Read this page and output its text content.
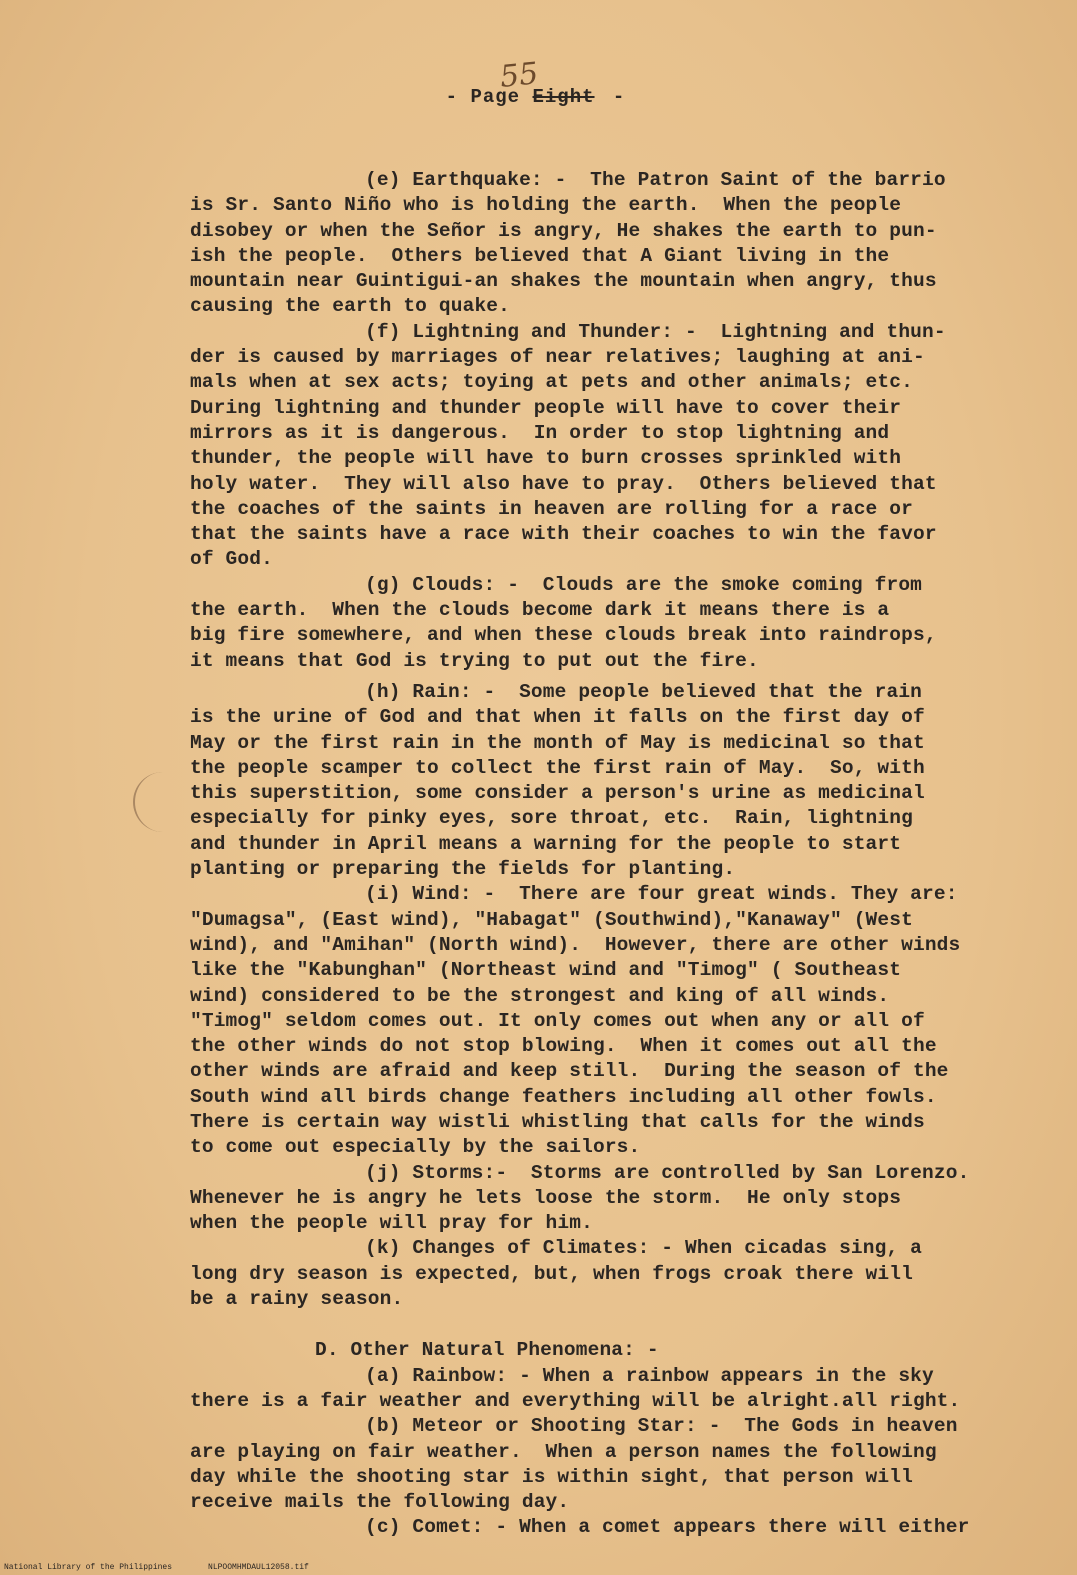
55
- Page Eight -
(e) Earthquake: -  The Patron Saint of the barrio
is Sr. Santo Niño who is holding the earth.  When the people
disobey or when the Señor is angry, He shakes the earth to pun-
ish the people.  Others believed that A Giant living in the
mountain near Guintigui-an shakes the mountain when angry, thus
causing the earth to quake.
(f) Lightning and Thunder: -  Lightning and thun-
der is caused by marriages of near relatives; laughing at ani-
mals when at sex acts; toying at pets and other animals; etc.
During lightning and thunder people will have to cover their
mirrors as it is dangerous.  In order to stop lightning and
thunder, the people will have to burn crosses sprinkled with
holy water.  They will also have to pray.  Others believed that
the coaches of the saints in heaven are rolling for a race or
that the saints have a race with their coaches to win the favor
of God.
(g) Clouds: -  Clouds are the smoke coming from
the earth.  When the clouds become dark it means there is a
big fire somewhere, and when these clouds break into raindrops,
it means that God is trying to put out the fire.
(h) Rain: -  Some people believed that the rain
is the urine of God and that when it falls on the first day of
May or the first rain in the month of May is medicinal so that
the people scamper to collect the first rain of May.  So, with
this superstition, some consider a person's urine as medicinal
especially for pinky eyes, sore throat, etc.  Rain, lightning
and thunder in April means a warning for the people to start
planting or preparing the fields for planting.
(i) Wind: -  There are four great winds. They are:
"Dumagsa", (East wind), "Habagat" (Southwind),"Kanaway" (West
wind), and "Amihan" (North wind).  However, there are other winds
like the "Kabunghan" (Northeast wind and "Timog" ( Southeast
wind) considered to be the strongest and king of all winds.
"Timog" seldom comes out. It only comes out when any or all of
the other winds do not stop blowing.  When it comes out all the
other winds are afraid and keep still.  During the season of the
South wind all birds change feathers including all other fowls.
There is certain way wistli whistling that calls for the winds
to come out especially by the sailors.
(j) Storms:-  Storms are controlled by San Lorenzo.
Whenever he is angry he lets loose the storm.  He only stops
when the people will pray for him.
(k) Changes of Climates: - When cicadas sing, a
long dry season is expected, but, when frogs croak there will
be a rainy season.
D. Other Natural Phenomena: -
(a) Rainbow: - When a rainbow appears in the sky
there is a fair weather and everything will be alright.all right.
(b) Meteor or Shooting Star: -  The Gods in heaven
are playing on fair weather.  When a person names the following
day while the shooting star is within sight, that person will
receive mails the following day.
(c) Comet: - When a comet appears there will either
National Library of the Philippines	NLPOOMHMDAUL12058.tif
